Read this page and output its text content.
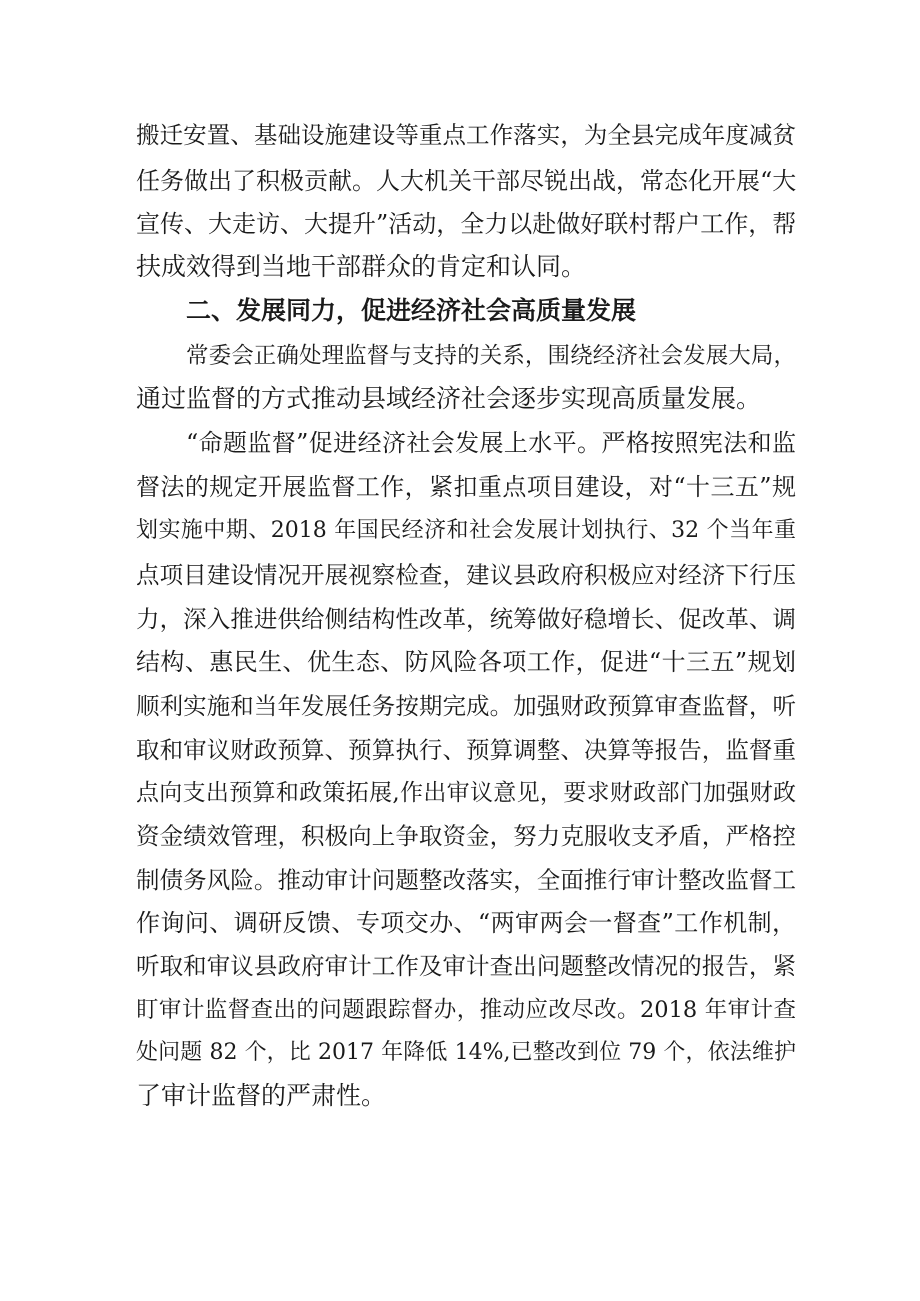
搬迁安置、基础设施建设等重点工作落实，为全县完成年度减贫
任务做出了积极贡献。人大机关干部尽锐出战，常态化开展“大
宣传、大走访、大提升”活动，全力以赴做好联村帮户工作，帮
扶成效得到当地干部群众的肯定和认同。
二、发展同力，促进经济社会高质量发展
常委会正确处理监督与支持的关系，围绕经济社会发展大局，
通过监督的方式推动县域经济社会逐步实现高质量发展。
“命题监督”促进经济社会发展上水平。严格按照宪法和监
督法的规定开展监督工作，紧扣重点项目建设，对“十三五”规
划实施中期、2018 年国民经济和社会发展计划执行、32 个当年重
点项目建设情况开展视察检查，建议县政府积极应对经济下行压
力，深入推进供给侧结构性改革，统筹做好稳增长、促改革、调
结构、惠民生、优生态、防风险各项工作，促进“十三五”规划
顺利实施和当年发展任务按期完成。加强财政预算审查监督，听
取和审议财政预算、预算执行、预算调整、决算等报告，监督重
点向支出预算和政策拓展,作出审议意见，要求财政部门加强财政
资金绩效管理，积极向上争取资金，努力克服收支矛盾，严格控
制债务风险。推动审计问题整改落实，全面推行审计整改监督工
作询问、调研反馈、专项交办、“两审两会一督查”工作机制，
听取和审议县政府审计工作及审计查出问题整改情况的报告，紧
盯审计监督查出的问题跟踪督办，推动应改尽改。2018 年审计查
处问题 82 个，比 2017 年降低 14%,已整改到位 79 个，依法维护
了审计监督的严肃性。
